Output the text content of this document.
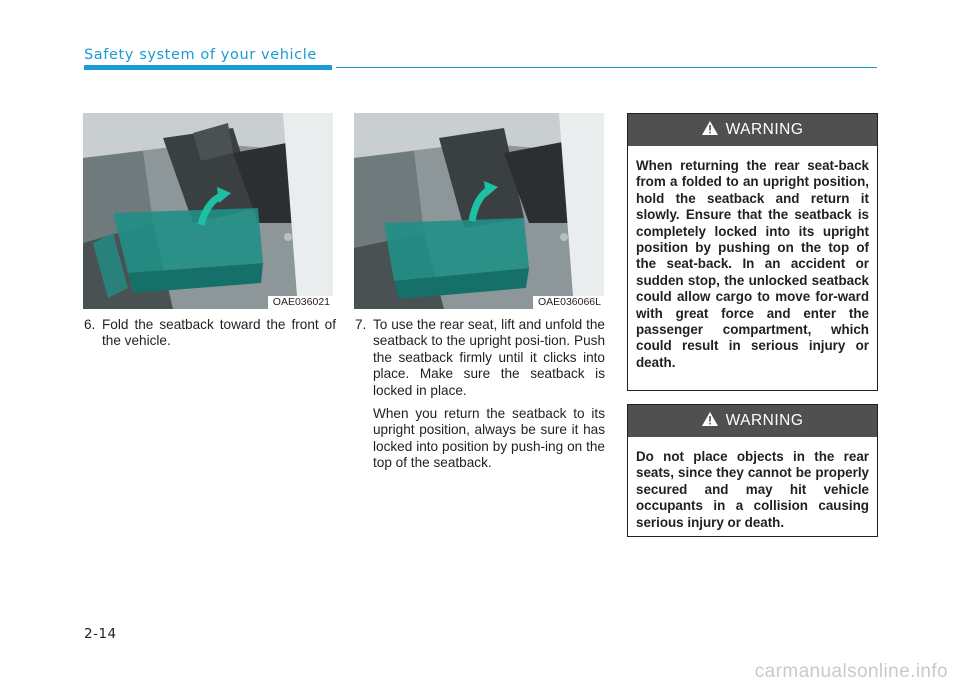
Safety system of your vehicle
OAE036021	OAE036066L
6. Fold the seatback toward the front of the vehicle.

7. To use the rear seat, lift and unfold the seatback to the upright posi-tion. Push the seatback firmly until it clicks into place. Make sure the seatback is locked in place.

When you return the seatback to its upright position, always be sure it has locked into position by push-ing on the top of the seatback.

WARNING
When returning the rear seat-back from a folded to an upright position, hold the seatback and return it slowly. Ensure that the seatback is completely locked into its upright position by pushing on the top of the seat-back. In an accident or sudden stop, the unlocked seatback could allow cargo to move for-ward with great force and enter the passenger compartment, which could result in serious injury or death.
WARNING
Do not place objects in the rear seats, since they cannot be properly secured and may hit vehicle occupants in a collision causing serious injury or death.
2-14
carmanualsonline.info
